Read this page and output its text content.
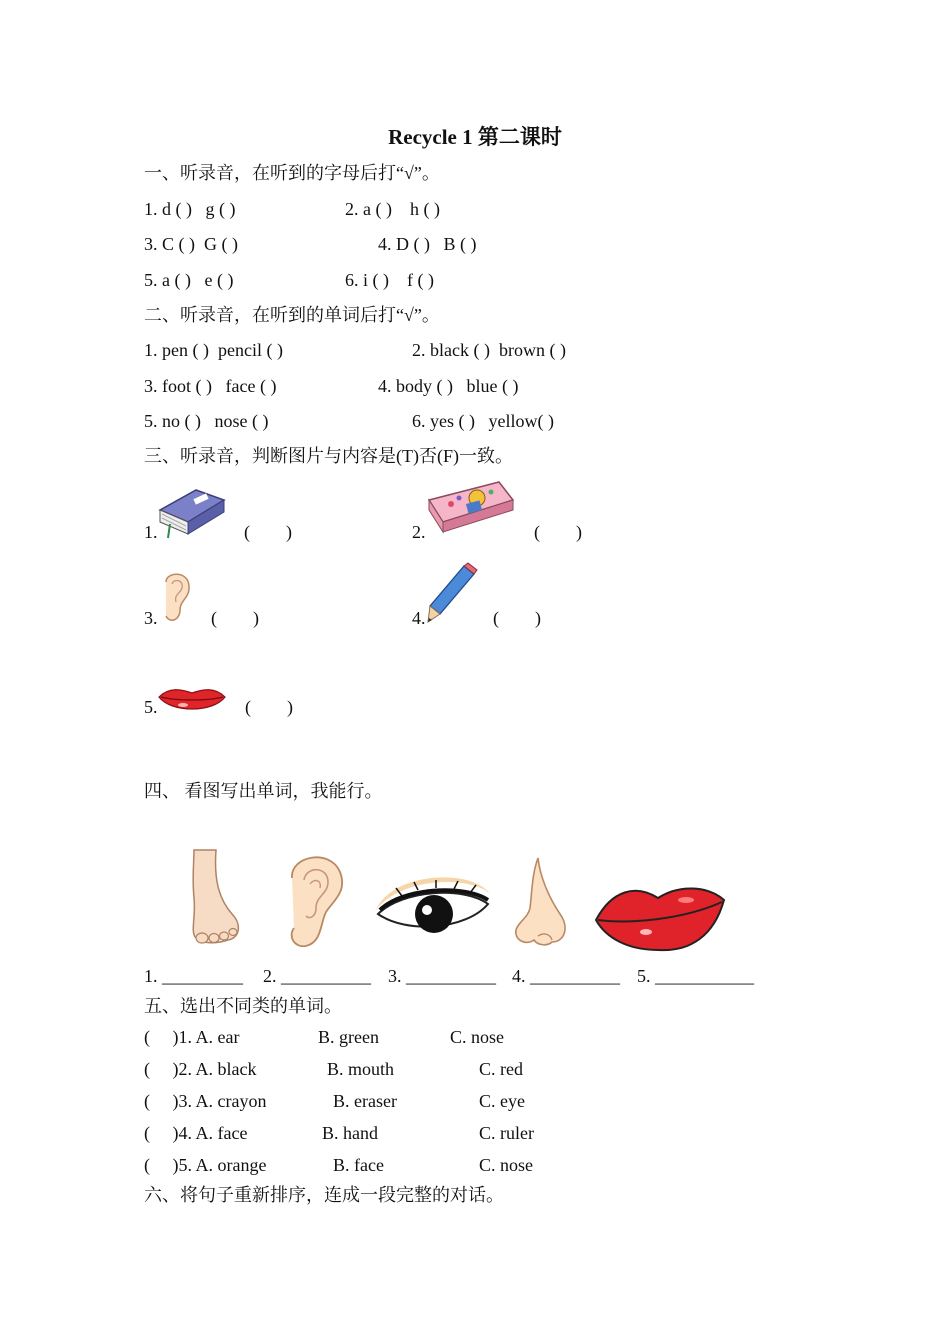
Recycle 1 第二课时
一、听录音，在听到的字母后打“√”。
1. d ( )   g ( )	2. a ( )    h ( )
3. C ( )  G ( )	4. D ( )   B ( )
5. a ( )   e ( )	6. i ( )    f ( )
二、听录音，在听到的单词后打“√”。
1. pen ( )  pencil ( )	2. black ( )  brown ( )
3. foot ( )   face ( )	4. body ( )   blue ( )
5. no ( )   nose ( )	6. yes ( )   yellow( )
三、听录音，判断图片与内容是(T)否(F)一致。
1.	(        )	2.	(        )
3.	(        )	4.	(        )
5.	(        )
四、 看图写出单词，我能行。
1. _________ 2. __________ 3. __________ 4. __________ 5. ___________
五、选出不同类的单词。
(     )1. A. ear	B. green	C. nose
(     )2. A. black	B. mouth	C. red
(     )3. A. crayon	B. eraser	C. eye
(     )4. A. face	B. hand	C. ruler
(     )5. A. orange	B. face	C. nose
六、将句子重新排序，连成一段完整的对话。
